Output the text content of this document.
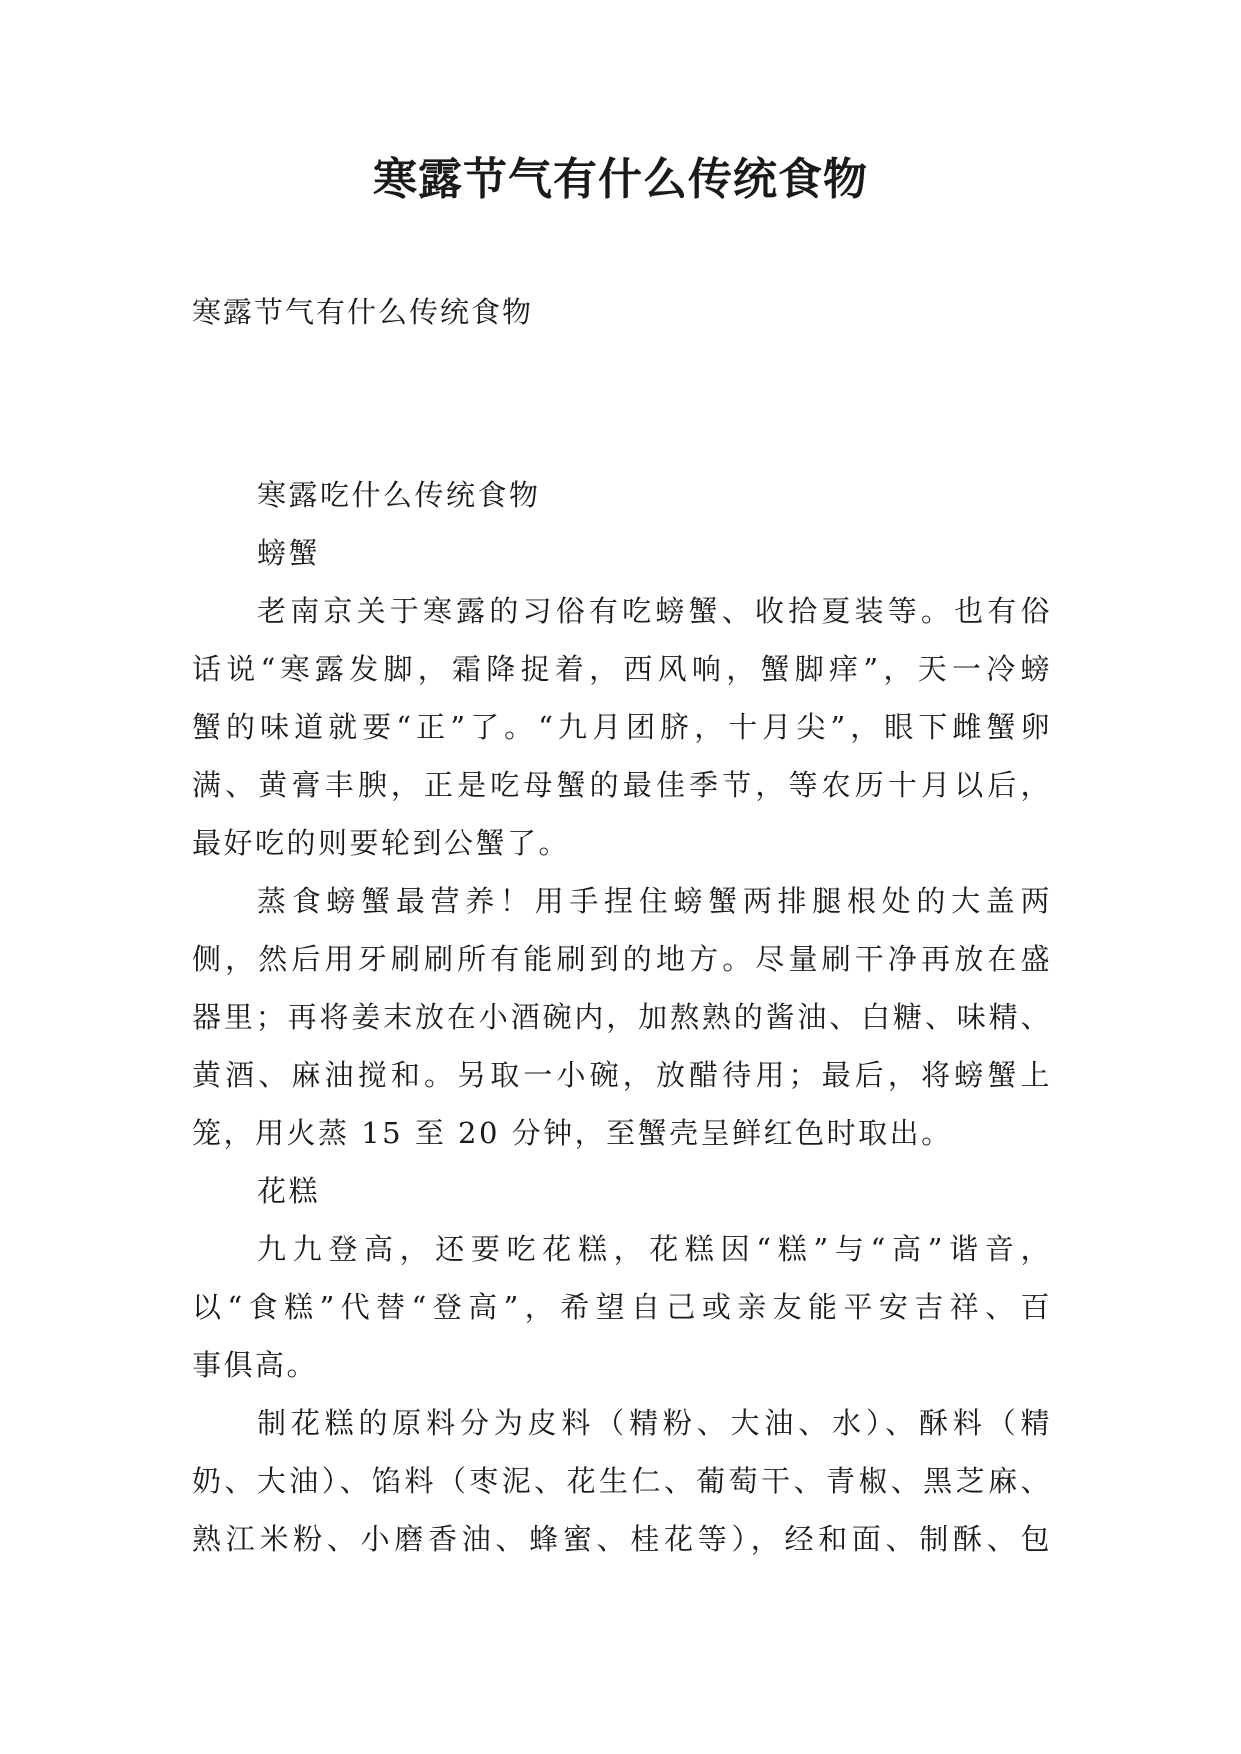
寒露节气有什么传统食物

寒露节气有什么传统食物

寒露吃什么传统食物

螃蟹

老南京关于寒露的习俗有吃螃蟹、收拾夏装等。也有俗

话说“寒露发脚，霜降捉着，西风响，蟹脚痒”，天一冷螃

蟹的味道就要“正”了。“九月团脐，十月尖”，眼下雌蟹卵

满、黄膏丰腴，正是吃母蟹的最佳季节，等农历十月以后，

最好吃的则要轮到公蟹了。

蒸食螃蟹最营养！用手捏住螃蟹两排腿根处的大盖两

侧，然后用牙刷刷所有能刷到的地方。尽量刷干净再放在盛

器里；再将姜末放在小酒碗内，加熬熟的酱油、白糖、味精、

黄酒、麻油搅和。另取一小碗，放醋待用；最后，将螃蟹上

笼，用火蒸 15 至 20 分钟，至蟹壳呈鲜红色时取出。

花糕

九九登高，还要吃花糕，花糕因“糕”与“高”谐音，

以“食糕”代替“登高”，希望自己或亲友能平安吉祥、百

事俱高。

制花糕的原料分为皮料（精粉、大油、水）、酥料（精

奶、大油）、馅料（枣泥、花生仁、葡萄干、青椒、黑芝麻、

熟江米粉、小磨香油、蜂蜜、桂花等），经和面、制酥、包
